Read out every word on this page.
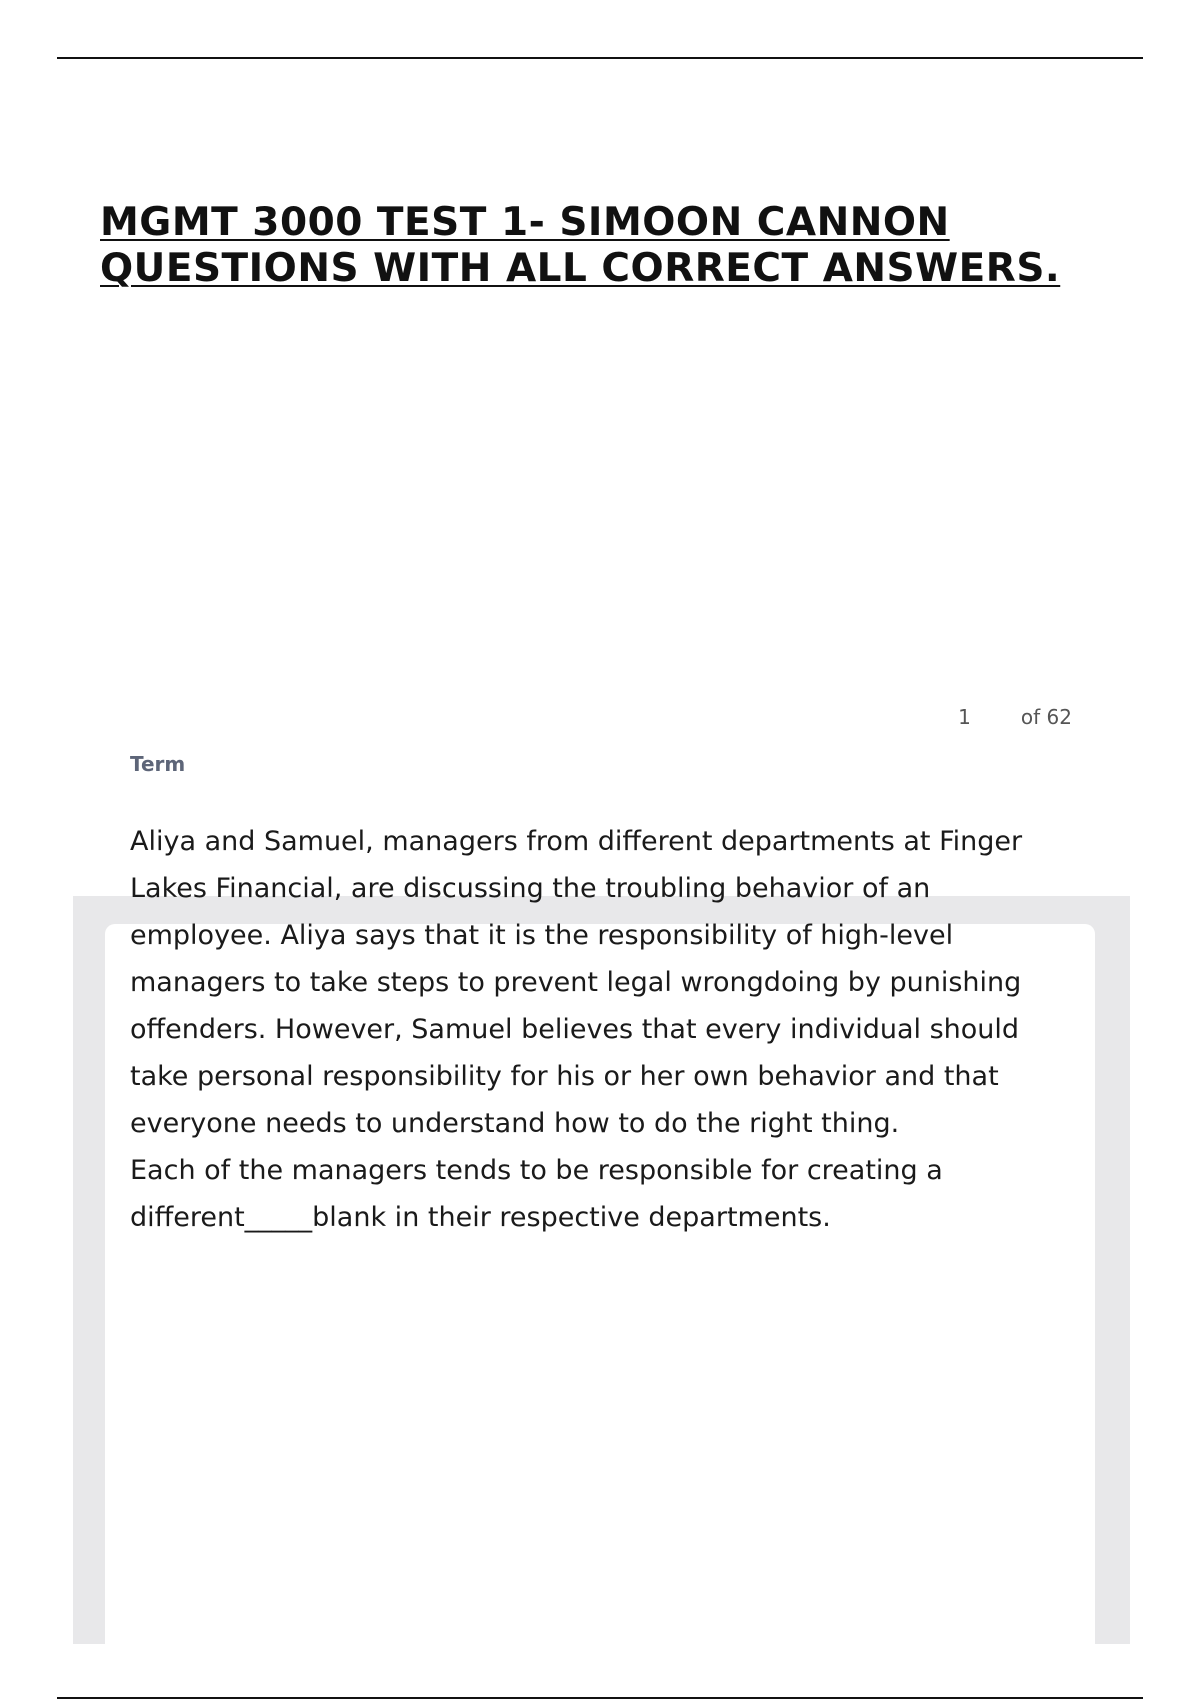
MGMT 3000 TEST 1- SIMOON CANNON
QUESTIONS WITH ALL CORRECT ANSWERS.
1	of 62
Term

Aliya and Samuel, managers from different departments at Finger Lakes Financial, are discussing the troubling behavior of an employee. Aliya says that it is the responsibility of high-level managers to take steps to prevent legal wrongdoing by punishing offenders. However, Samuel believes that every individual should take personal responsibility for his or her own behavior and that everyone needs to understand how to do the right thing.

Each of the managers tends to be responsible for creating a different_____blank in their respective departments.
